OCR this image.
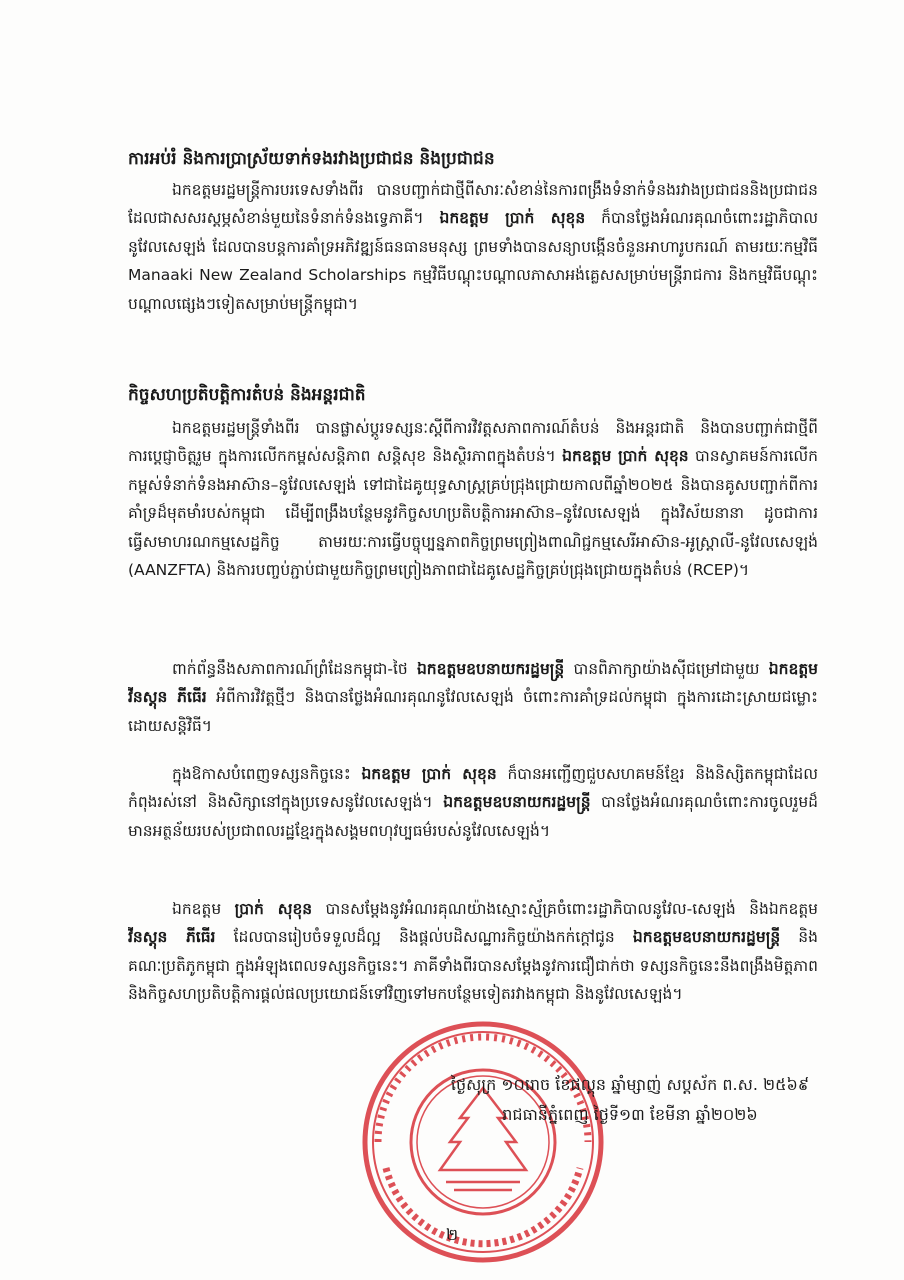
ការអប់រំ និងការប្រាស្រ័យទាក់ទងរវាងប្រជាជន និងប្រជាជន

ឯកឧត្តមរដ្ឋមន្ត្រីការបរទេសទាំងពីរ បានបញ្ជាក់ជាថ្មីពីសារៈសំខាន់នៃការពង្រឹងទំនាក់ទំនងរវាងប្រជាជននិងប្រជាជន ដែលជាសសរស្តម្ភសំខាន់មួយនៃទំនាក់ទំនងទ្វេភាគី។ ឯកឧត្តម ប្រាក់ សុខុន ក៏បានថ្លែងអំណរគុណចំពោះរដ្ឋាភិបាលនូវែលសេឡង់ ដែលបានបន្តការគាំទ្រអភិវឌ្ឍន៍ធនធានមនុស្ស ព្រមទាំងបានសន្យាបង្កើនចំនួនអាហារូបករណ៍ តាមរយៈកម្មវិធី Manaaki New Zealand Scholarships កម្មវិធីបណ្តុះបណ្តាលភាសាអង់គ្លេសសម្រាប់មន្ត្រីរាជការ និងកម្មវិធីបណ្តុះបណ្តាលផ្សេងៗទៀតសម្រាប់មន្ត្រីកម្ពុជា។

កិច្ចសហប្រតិបត្តិការតំបន់ និងអន្តរជាតិ

ឯកឧត្តមរដ្ឋមន្ត្រីទាំងពីរ បានផ្លាស់ប្តូរទស្សនៈស្តីពីការវិវត្តសភាពការណ៍តំបន់ និងអន្តរជាតិ និងបានបញ្ជាក់ជាថ្មីពីការប្តេជ្ញាចិត្តរួម ក្នុងការលើកកម្ពស់សន្តិភាព សន្តិសុខ និងស្ថិរភាពក្នុងតំបន់។ ឯកឧត្តម ប្រាក់ សុខុន បានស្វាគមន៍ការលើកកម្ពស់ទំនាក់ទំនងអាស៊ាន–នូវែលសេឡង់ ទៅជាដៃគូយុទ្ធសាស្ត្រគ្រប់ជ្រុងជ្រោយកាលពីឆ្នាំ២០២៥ និងបានគូសបញ្ជាក់ពីការគាំទ្រដ៏មុតមាំរបស់កម្ពុជា ដើម្បីពង្រឹងបន្ថែមនូវកិច្ចសហប្រតិបត្តិការអាស៊ាន–នូវែលសេឡង់ ក្នុងវិស័យនានា ដូចជាការធ្វើសមាហរណកម្មសេដ្ឋកិច្ច តាមរយៈការធ្វើបច្ចុប្បន្នភាពកិច្ចព្រមព្រៀងពាណិជ្ជកម្មសេរីអាស៊ាន-អូស្ត្រាលី-នូវែលសេឡង់ (AANZFTA) និងការបញ្ចប់ភ្ជាប់ជាមួយកិច្ចព្រមព្រៀងភាពជាដៃគូសេដ្ឋកិច្ចគ្រប់ជ្រុងជ្រោយក្នុងតំបន់ (RCEP)។

ពាក់ព័ន្ធនឹងសភាពការណ៍ព្រំដែនកម្ពុជា-ថៃ ឯកឧត្តមឧបនាយករដ្ឋមន្ត្រី បានពិភាក្សាយ៉ាងស៊ីជម្រៅជាមួយ ឯកឧត្តម វីនស្តុន ភីធើរ អំពីការវិវត្តថ្មីៗ និងបានថ្លែងអំណរគុណនូវែលសេឡង់ ចំពោះការគាំទ្រដល់កម្ពុជា ក្នុងការដោះស្រាយជម្លោះដោយសន្តិវិធី។

ក្នុងឱកាសបំពេញទស្សនកិច្ចនេះ ឯកឧត្តម ប្រាក់ សុខុន ក៏បានអញ្ជើញជួបសហគមន៍ខ្មែរ និងនិស្សិតកម្ពុជាដែលកំពុងរស់នៅ និងសិក្សានៅក្នុងប្រទេសនូវែលសេឡង់។ ឯកឧត្តមឧបនាយករដ្ឋមន្ត្រី បានថ្លែងអំណរគុណចំពោះការចូលរួមដ៏មានអត្ថន័យរបស់ប្រជាពលរដ្ឋខ្មែរក្នុងសង្គមពហុវប្បធម៌របស់នូវែលសេឡង់។

ឯកឧត្តម ប្រាក់ សុខុន បានសម្តែងនូវអំណរគុណយ៉ាងស្មោះស្ម័គ្រចំពោះរដ្ឋាភិបាលនូវែល-សេឡង់ និងឯកឧត្តម វីនស្តុន ភីធើរ ដែលបានរៀបចំទទួលដ៏ល្អ និងផ្តល់បដិសណ្ឋារកិច្ចយ៉ាងកក់ក្តៅជូន ឯកឧត្តមឧបនាយករដ្ឋមន្ត្រី និងគណៈប្រតិភូកម្ពុជា ក្នុងអំឡុងពេលទស្សនកិច្ចនេះ។ ភាគីទាំងពីរបានសម្តែងនូវការជឿជាក់ថា ទស្សនកិច្ចនេះនឹងពង្រឹងមិត្តភាព និងកិច្ចសហប្រតិបត្តិការផ្តល់ផលប្រយោជន៍ទៅវិញទៅមកបន្ថែមទៀតរវាងកម្ពុជា និងនូវែលសេឡង់។

ថ្ងៃសុក្រ ១០រោច ខែផល្គុន ឆ្នាំម្សាញ់ សប្តស័ក ព.ស. ២៥៦៩
រាជធានីភ្នំពេញ ថ្ងៃទី១៣ ខែមីនា ឆ្នាំ២០២៦
២
